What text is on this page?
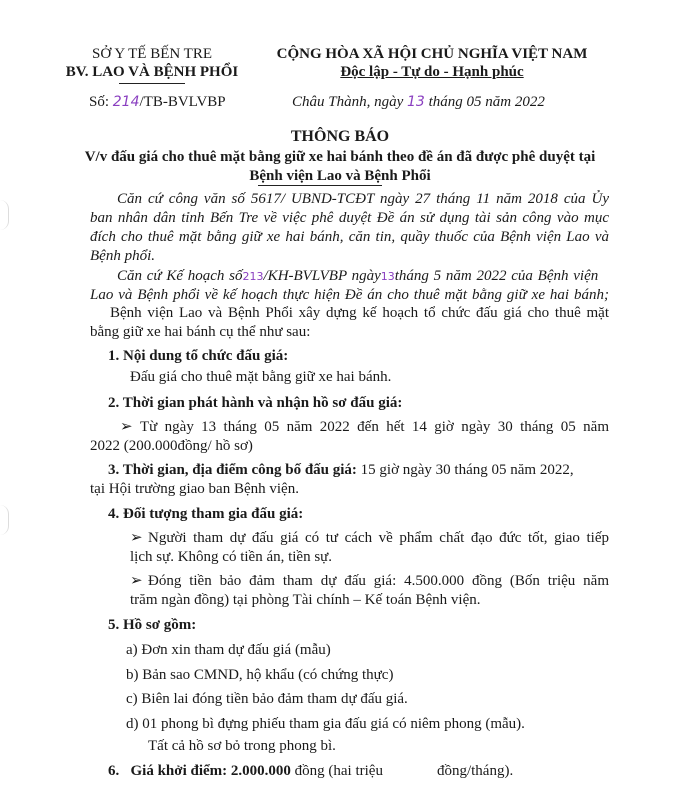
SỞ Y TẾ BẾN TRE
BV. LAO VÀ BỆNH PHỔI
CỘNG HÒA XÃ HỘI CHỦ NGHĨA VIỆT NAM
Độc lập - Tự do - Hạnh phúc
Số: 214/TB-BVLVBP	Châu Thành, ngày 13 tháng 05 năm 2022
THÔNG BÁO
V/v đấu giá cho thuê mặt bằng giữ xe hai bánh theo đề án đã được phê duyệt tại
Bệnh viện Lao và Bệnh Phổi
Căn cứ công văn số 5617/ UBND-TCĐT ngày 27 tháng 11 năm 2018 của Ủy
ban nhân dân tỉnh Bến Tre về việc phê duyệt Đề án sử dụng tài sản công vào mục
đích cho thuê mặt bằng giữ xe hai bánh, căn tin, quầy thuốc của Bệnh viện Lao và
Bệnh phổi.
Căn cứ Kế hoạch số213/KH-BVLVBP ngày13tháng 5 năm 2022 của Bệnh viện
Lao và Bệnh phổi về kế hoạch thực hiện Đề án cho thuê mặt bằng giữ xe hai bánh;
Bệnh viện Lao và Bệnh Phổi xây dựng kế hoạch tổ chức đấu giá cho thuê mặt
bằng giữ xe hai bánh cụ thể như sau:
1. Nội dung tổ chức đấu giá:
Đấu giá cho thuê mặt bằng giữ xe hai bánh.
2. Thời gian phát hành và nhận hồ sơ đấu giá:
➢ Từ ngày 13 tháng 05 năm 2022 đến hết 14 giờ ngày 30 tháng 05 năm
2022 (200.000đồng/ hồ sơ)
3. Thời gian, địa điểm công bố đấu giá: 15 giờ ngày 30 tháng 05 năm 2022,
tại Hội trường giao ban Bệnh viện.
4. Đối tượng tham gia đấu giá:
➢ Người tham dự đấu giá có tư cách về phẩm chất đạo đức tốt, giao tiếp
lịch sự. Không có tiền án, tiền sự.
➢ Đóng tiền bảo đảm tham dự đấu giá: 4.500.000 đồng (Bốn triệu năm
trăm ngàn đồng) tại phòng Tài chính – Kế toán Bệnh viện.
5. Hồ sơ gồm:
a) Đơn xin tham dự đấu giá (mẫu)
b) Bản sao CMND, hộ khẩu (có chứng thực)
c) Biên lai đóng tiền bảo đảm tham dự đấu giá.
d) 01 phong bì đựng phiếu tham gia đấu giá có niêm phong (mẫu).
Tất cả hồ sơ bỏ trong phong bì.
6. Giá khởi điểm: 2.000.000 đồng (hai triệu	đồng/tháng).
